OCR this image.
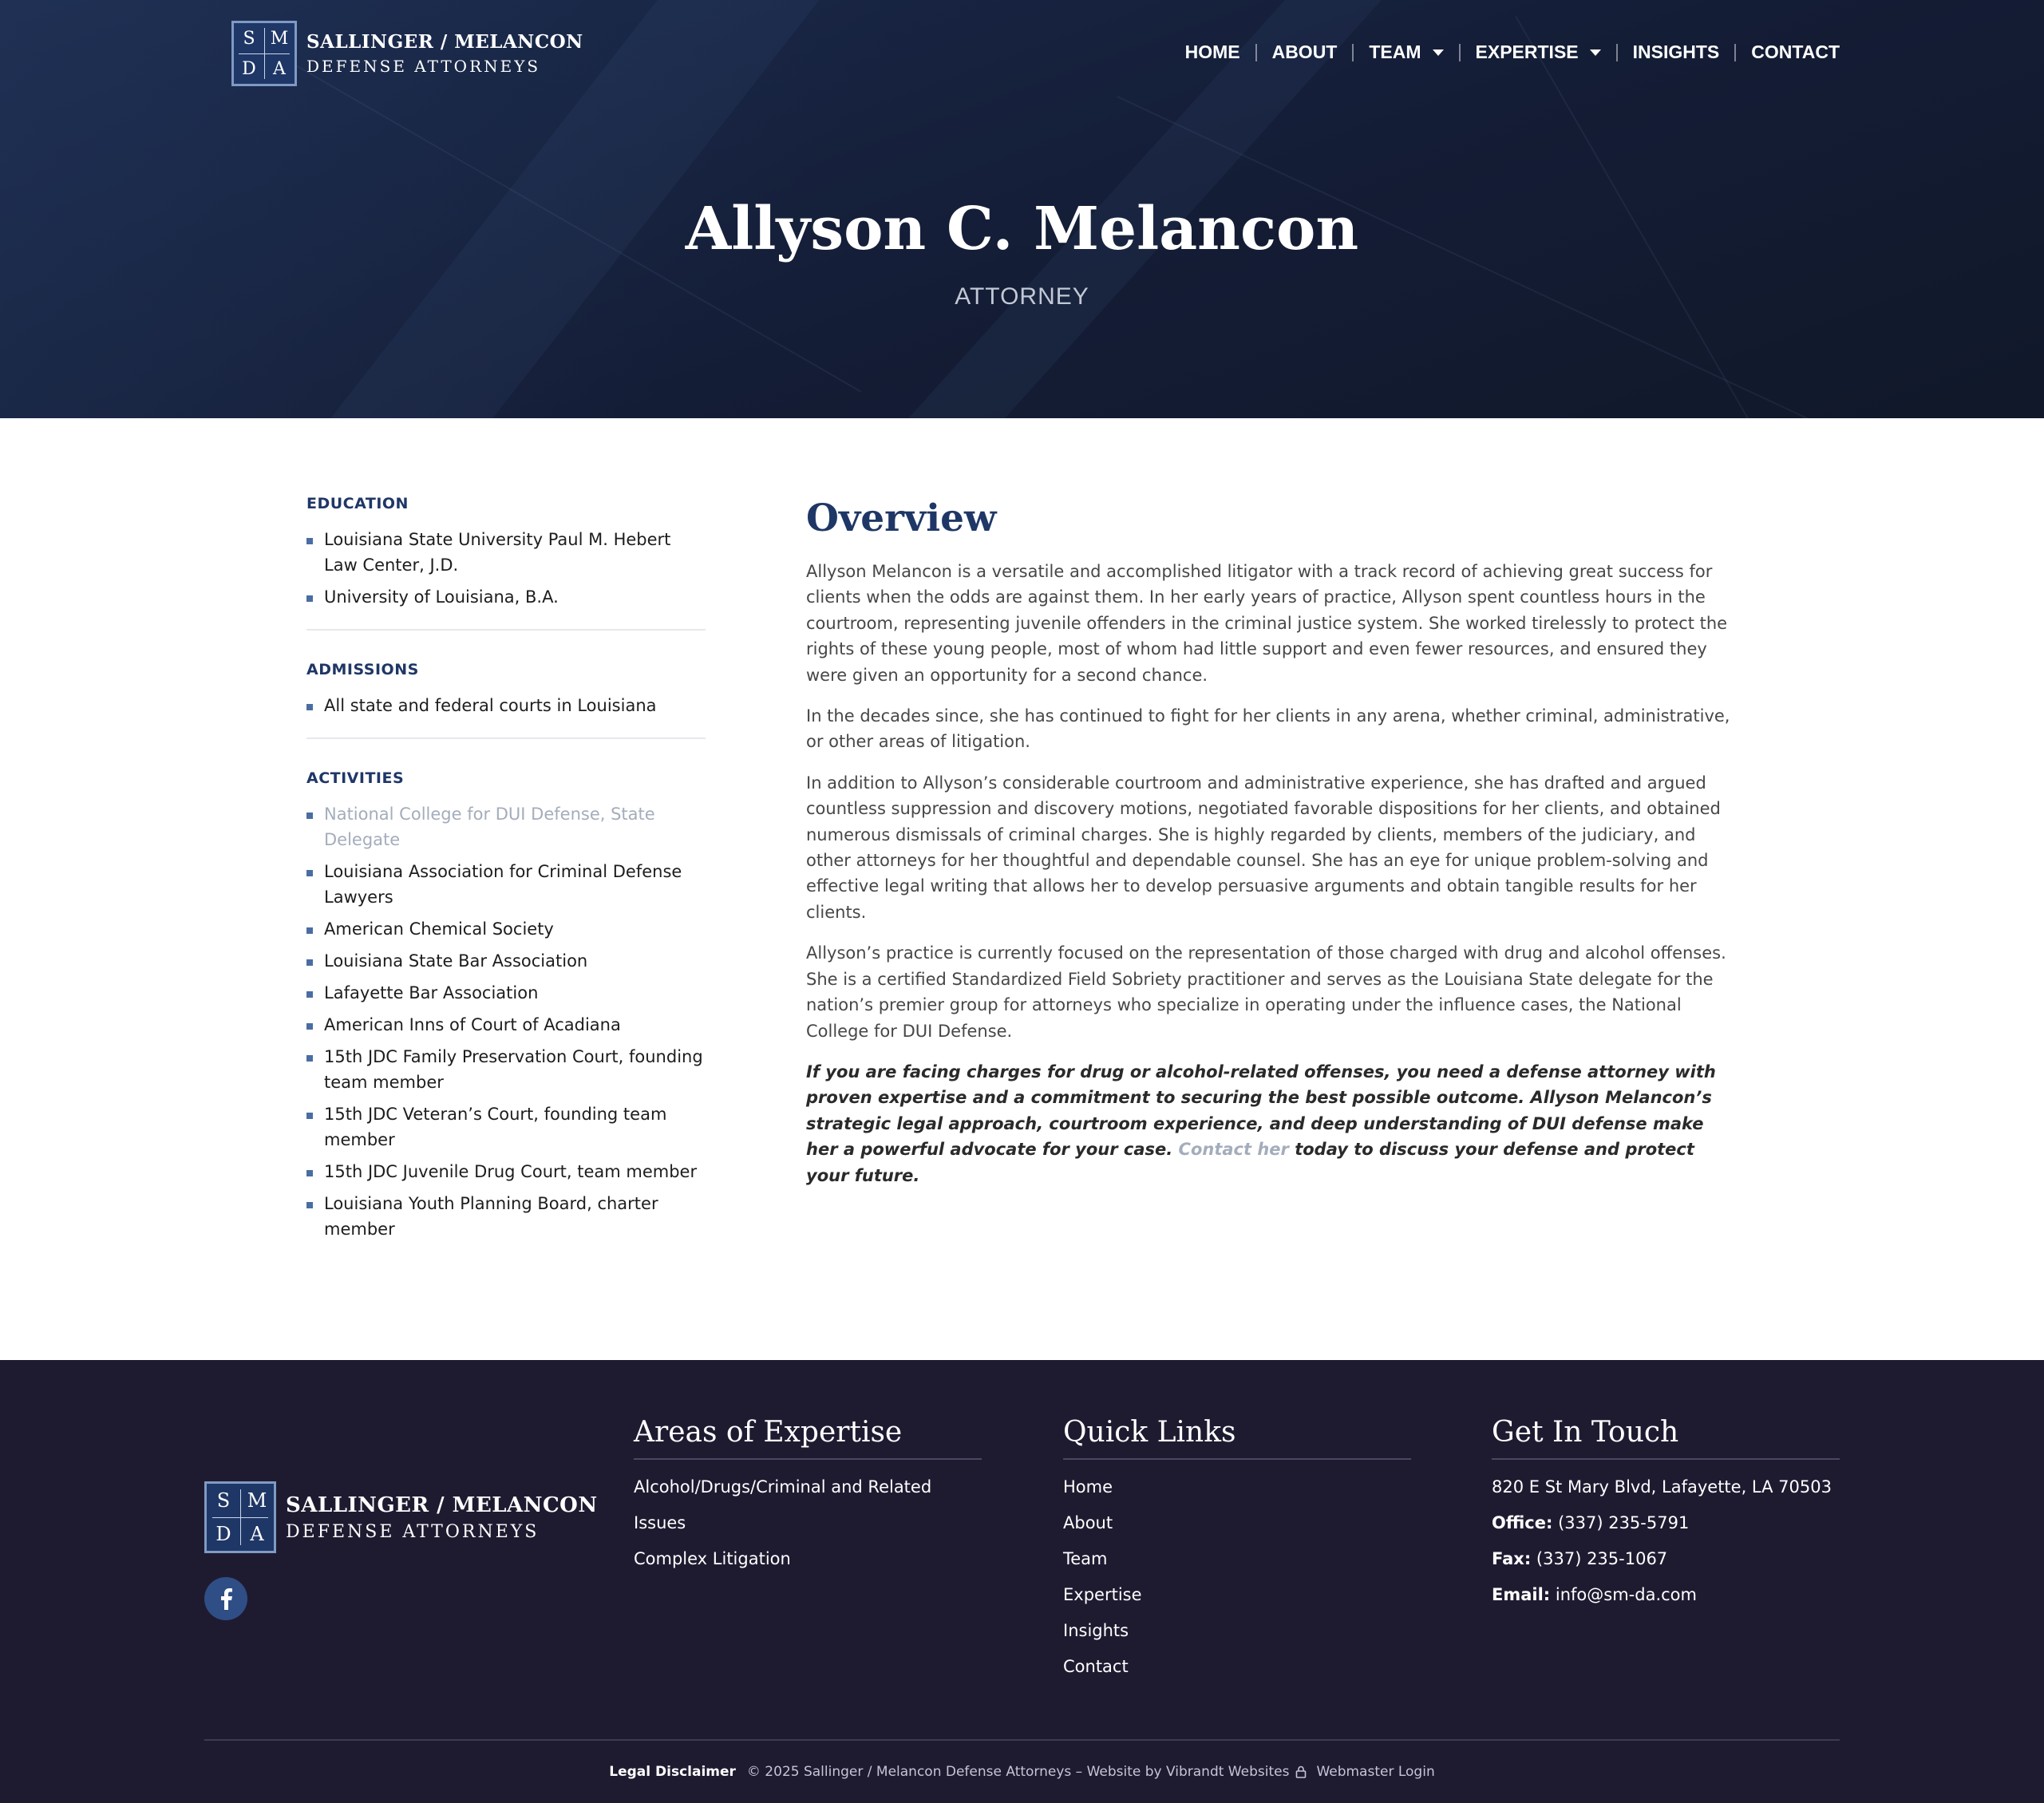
S M
D A
SALLINGER / MELANCON
DEFENSE ATTORNEYS
HOME ABOUT TEAM	EXPERTISE	INSIGHTS CONTACT
Allyson C. Melancon
ATTORNEY
EDUCATION
Louisiana State University Paul M. Hebert Law Center, J.D.
University of Louisiana, B.A.
ADMISSIONS
All state and federal courts in Louisiana
ACTIVITIES
National College for DUI Defense, State Delegate
Louisiana Association for Criminal Defense Lawyers
American Chemical Society
Louisiana State Bar Association
Lafayette Bar Association
American Inns of Court of Acadiana
15th JDC Family Preservation Court, founding team member
15th JDC Veteran’s Court, founding team member
15th JDC Juvenile Drug Court, team member
Louisiana Youth Planning Board, charter member
Overview

Allyson Melancon is a versatile and accomplished litigator with a track record of achieving great success for clients when the odds are against them. In her early years of practice, Allyson spent countless hours in the courtroom, representing juvenile offenders in the criminal justice system. She worked tirelessly to protect the rights of these young people, most of whom had little support and even fewer resources, and ensured they were given an opportunity for a second chance.

In the decades since, she has continued to fight for her clients in any arena, whether criminal, administrative, or other areas of litigation.

In addition to Allyson’s considerable courtroom and administrative experience, she has drafted and argued countless suppression and discovery motions, negotiated favorable dispositions for her clients, and obtained numerous dismissals of criminal charges. She is highly regarded by clients, members of the judiciary, and other attorneys for her thoughtful and dependable counsel. She has an eye for unique problem-solving and effective legal writing that allows her to develop persuasive arguments and obtain tangible results for her clients.

Allyson’s practice is currently focused on the representation of those charged with drug and alcohol offenses. She is a certified Standardized Field Sobriety practitioner and serves as the Louisiana State delegate for the nation’s premier group for attorneys who specialize in operating under the influence cases, the National College for DUI Defense.

If you are facing charges for drug or alcohol-related offenses, you need a defense attorney with proven expertise and a commitment to securing the best possible outcome. Allyson Melancon’s strategic legal approach, courtroom experience, and deep understanding of DUI defense make her a powerful advocate for your case. Contact her today to discuss your defense and protect your future.

S M
D A
SALLINGER / MELANCON
DEFENSE ATTORNEYS
Areas of Expertise
Alcohol/Drugs/Criminal and Related Issues
Complex Litigation
Quick Links
Home
About
Team
Expertise
Insights
Contact
Get In Touch
820 E St Mary Blvd, Lafayette, LA 70503
Office: (337) 235-5791
Fax: (337) 235-1067
Email: info@sm-da.com
Legal Disclaimer © 2025 Sallinger / Melancon Defense Attorneys – Website by Vibrandt Websites Webmaster Login
